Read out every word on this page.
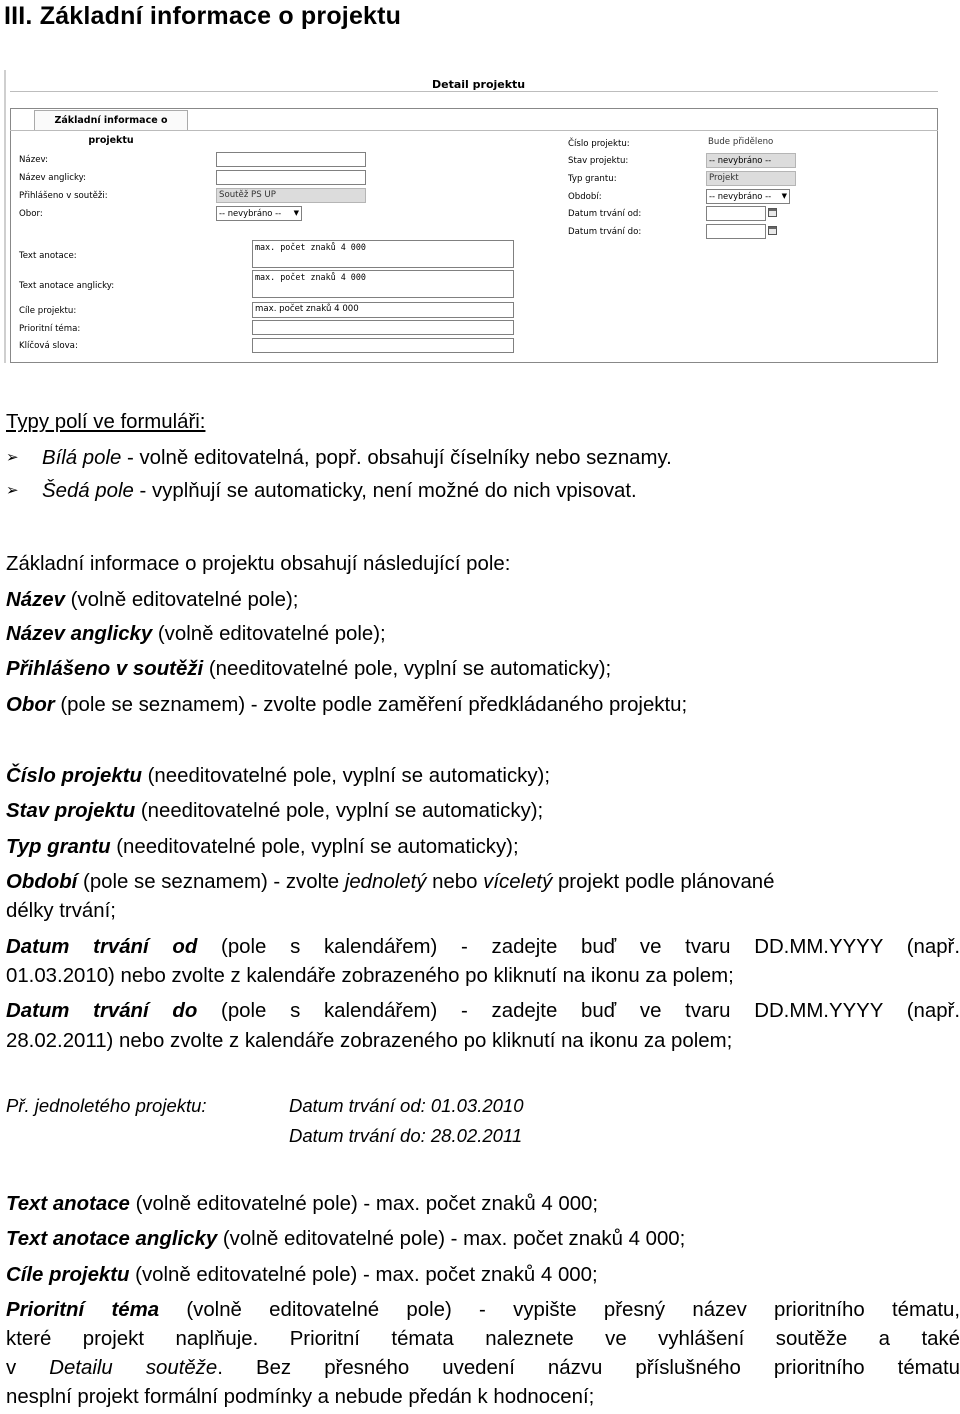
III. Základní informace o projektu
Detail projektu
Základní informace o projektu
Název:
Název anglicky:
Přihlášeno v soutěži:	Soutěž PS UP
Obor:	-- nevybráno -- ▼
Text anotace:
max. počet znaků 4 000
Text anotace anglicky:
max. počet znaků 4 000
Cíle projektu:	max. počet znaků 4 000
Prioritní téma:
Klíčová slova:
Číslo projektu:	Bude přiděleno
Stav projektu:	-- nevybráno --
Typ grantu:	Projekt
Období:	-- nevybráno -- ▼
Datum trvání od:
Datum trvání do:
Typy polí ve formuláři:
➢ Bílá pole - volně editovatelná, popř. obsahují číselníky nebo seznamy.
➢ Šedá pole - vyplňují se automaticky, není možné do nich vpisovat.
Základní informace o projektu obsahují následující pole:
Název (volně editovatelné pole);
Název anglicky (volně editovatelné pole);
Přihlášeno v soutěži (needitovatelné pole, vyplní se automaticky);
Obor (pole se seznamem) - zvolte podle zaměření předkládaného projektu;
Číslo projektu (needitovatelné pole, vyplní se automaticky);
Stav projektu (needitovatelné pole, vyplní se automaticky);
Typ grantu (needitovatelné pole, vyplní se automaticky);
Období (pole se seznamem) - zvolte jednoletý nebo víceletý projekt podle plánované
délky trvání;
Datum trvání od (pole s kalendářem) - zadejte buď ve tvaru DD.MM.YYYY (např.
01.03.2010) nebo zvolte z kalendáře zobrazeného po kliknutí na ikonu za polem;
Datum trvání do (pole s kalendářem) - zadejte buď ve tvaru DD.MM.YYYY (např.
28.02.2011) nebo zvolte z kalendáře zobrazeného po kliknutí na ikonu za polem;
Př. jednoletého projektu:	Datum trvání od: 01.03.2010
Datum trvání do: 28.02.2011
Text anotace (volně editovatelné pole) - max. počet znaků 4 000;
Text anotace anglicky (volně editovatelné pole) - max. počet znaků 4 000;
Cíle projektu (volně editovatelné pole) - max. počet znaků 4 000;
Prioritní téma (volně editovatelné pole) - vypište přesný název prioritního tématu,
které projekt naplňuje. Prioritní témata naleznete ve vyhlášení soutěže a také
v Detailu soutěže. Bez přesného uvedení názvu příslušného prioritního tématu
nesplní projekt formální podmínky a nebude předán k hodnocení;
